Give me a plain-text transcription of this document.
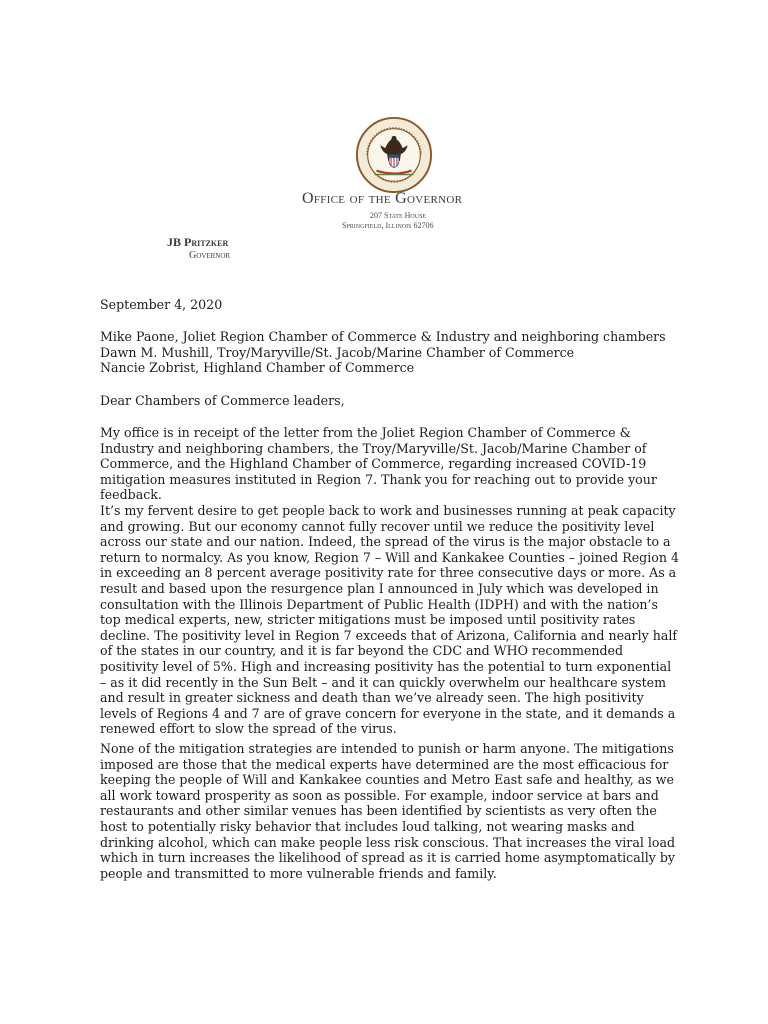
Office of the Governor
207 State House
Springfield, Illinois 62706
JB Pritzker
Governor
September 4, 2020
Mike Paone, Joliet Region Chamber of Commerce & Industry and neighboring chambers
Dawn M. Mushill, Troy/Maryville/St. Jacob/Marine Chamber of Commerce
Nancie Zobrist, Highland Chamber of Commerce
Dear Chambers of Commerce leaders,

My office is in receipt of the letter from the Joliet Region Chamber of Commerce & Industry and neighboring chambers, the Troy/Maryville/St. Jacob/Marine Chamber of Commerce, and the Highland Chamber of Commerce, regarding increased COVID-19 mitigation measures instituted in Region 7. Thank you for reaching out to provide your feedback.

It’s my fervent desire to get people back to work and businesses running at peak capacity and growing. But our economy cannot fully recover until we reduce the positivity level across our state and our nation. Indeed, the spread of the virus is the major obstacle to a return to normalcy. As you know, Region 7 – Will and Kankakee Counties – joined Region 4 in exceeding an 8 percent average positivity rate for three consecutive days or more. As a result and based upon the resurgence plan I announced in July which was developed in consultation with the Illinois Department of Public Health (IDPH) and with the nation’s top medical experts, new, stricter mitigations must be imposed until positivity rates decline. The positivity level in Region 7 exceeds that of Arizona, California and nearly half of the states in our country, and it is far beyond the CDC and WHO recommended positivity level of 5%. High and increasing positivity has the potential to turn exponential – as it did recently in the Sun Belt – and it can quickly overwhelm our healthcare system and result in greater sickness and death than we’ve already seen. The high positivity levels of Regions 4 and 7 are of grave concern for everyone in the state, and it demands a renewed effort to slow the spread of the virus.

None of the mitigation strategies are intended to punish or harm anyone. The mitigations imposed are those that the medical experts have determined are the most efficacious for keeping the people of Will and Kankakee counties and Metro East safe and healthy, as we all work toward prosperity as soon as possible. For example, indoor service at bars and restaurants and other similar venues has been identified by scientists as very often the host to potentially risky behavior that includes loud talking, not wearing masks and drinking alcohol, which can make people less risk conscious. That increases the viral load which in turn increases the likelihood of spread as it is carried home asymptomatically by people and transmitted to more vulnerable friends and family.
